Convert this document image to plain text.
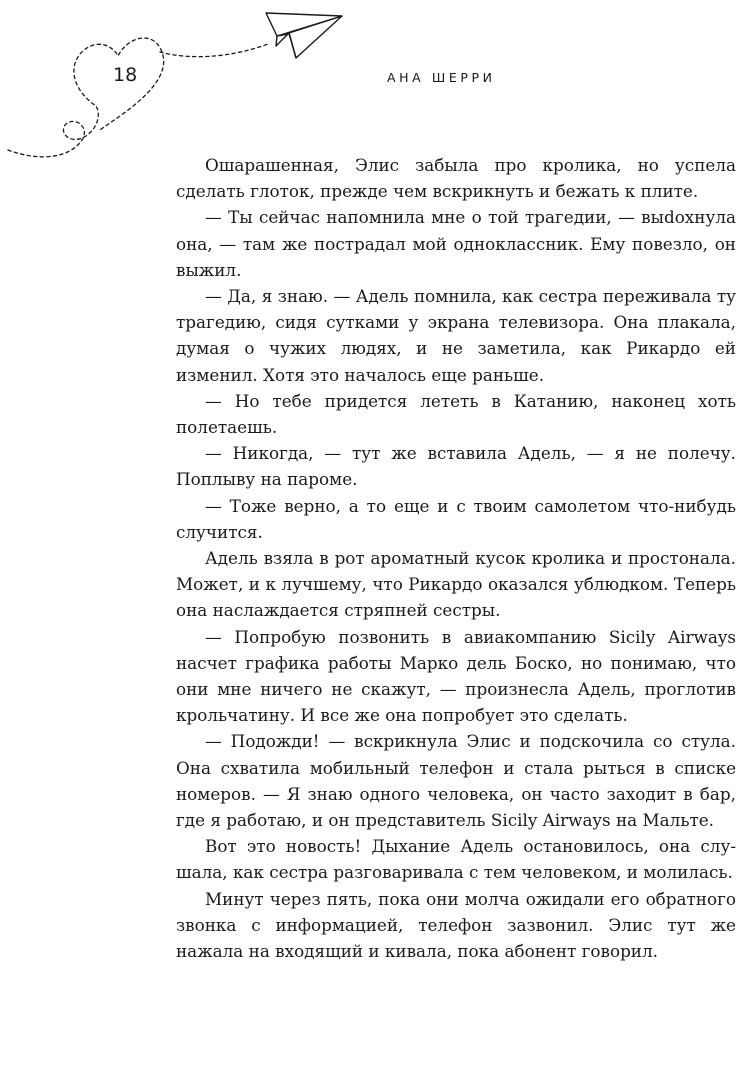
18	АНА ШЕРРИ

Ошарашенная, Элис забыла про кролика, но успела сделать глоток, прежде чем вскрикнуть и бежать к плите.

— Ты сейчас напомнила мне о той трагедии, — выdохнула она, — там же пострадал мой одноклассник. Ему повезло, он выжил.

— Да, я знаю. — Адель помнила, как сестра переживала ту трагедию, сидя сутками у экрана телевизора. Она плакала, думая о чужих людях, и не заметила, как Рикардо ей изменил. Хотя это началось еще раньше.

— Но тебе придется лететь в Катанию, наконец хоть полетаешь.

— Никогда, — тут же вставила Адель, — я не полечу. Поплыву на пароме.

— Тоже верно, а то еще и с твоим самолетом что-нибудь случится.

Адель взяла в рот ароматный кусок кролика и простонала. Может, и к лучшему, что Рикардо оказался ублюдком. Теперь она наслаждается стряпней сестры.

— Попробую позвонить в авиакомпанию Sicily Airways насчет графика работы Марко дель Боско, но понимаю, что они мне ничего не скажут, — произнесла Адель, проглотив крольчатину. И все же она попробует это сделать.

— Подожди! — вскрикнула Элис и подскочила со стула. Она схватила мобильный телефон и стала рыться в списке номеров. — Я знаю одного человека, он часто заходит в бар, где я работаю, и он представитель Sicily Airways на Мальте.

Вот это новость! Дыхание Адель остановилось, она слушала, как сестра разговаривала с тем человеком, и молилась.

Минут через пять, пока они молча ожидали его обратного звонка с информацией, телефон зазвонил. Элис тут же нажала на входящий и кивала, пока абонент говорил.
